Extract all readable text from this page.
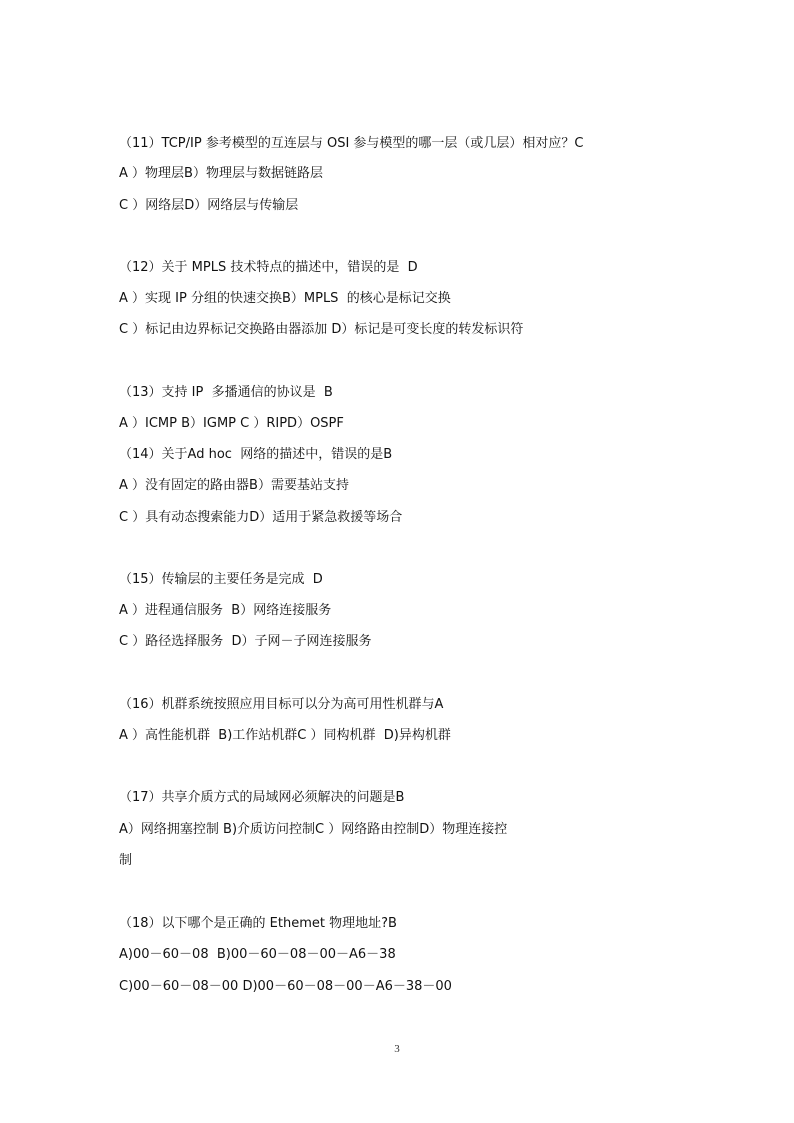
（11）TCP/IP 参考模型的互连层与 OSI 参与模型的哪一层（或几层）相对应？C
A ）物理层B）物理层与数据链路层
C ）网络层D）网络层与传输层
（12）关于 MPLS 技术特点的描述中，错误的是  D
A ）实现 IP 分组的快速交换B）MPLS  的核心是标记交换
C ）标记由边界标记交换路由器添加 D）标记是可变长度的转发标识符
（13）支持 IP  多播通信的协议是  B
A ）ICMP B）IGMP C ）RIPD）OSPF
（14）关于Ad hoc  网络的描述中，错误的是B
A ）没有固定的路由器B）需要基站支持
C ）具有动态搜索能力D）适用于紧急救援等场合
（15）传输层的主要任务是完成  D
A ）进程通信服务  B）网络连接服务
C ）路径选择服务  D）子网－子网连接服务
（16）机群系统按照应用目标可以分为高可用性机群与A
A ）高性能机群  B)工作站机群C ）同构机群  D)异构机群
（17）共享介质方式的局域网必须解决的问题是B
A）网络拥塞控制 B)介质访问控制C ）网络路由控制D）物理连接控
制
（18）以下哪个是正确的 Ethemet 物理地址?B
A)00－60－08  B)00－60－08－00－A6－38
C)00－60－08－00 D)00－60－08－00－A6－38－00
3
